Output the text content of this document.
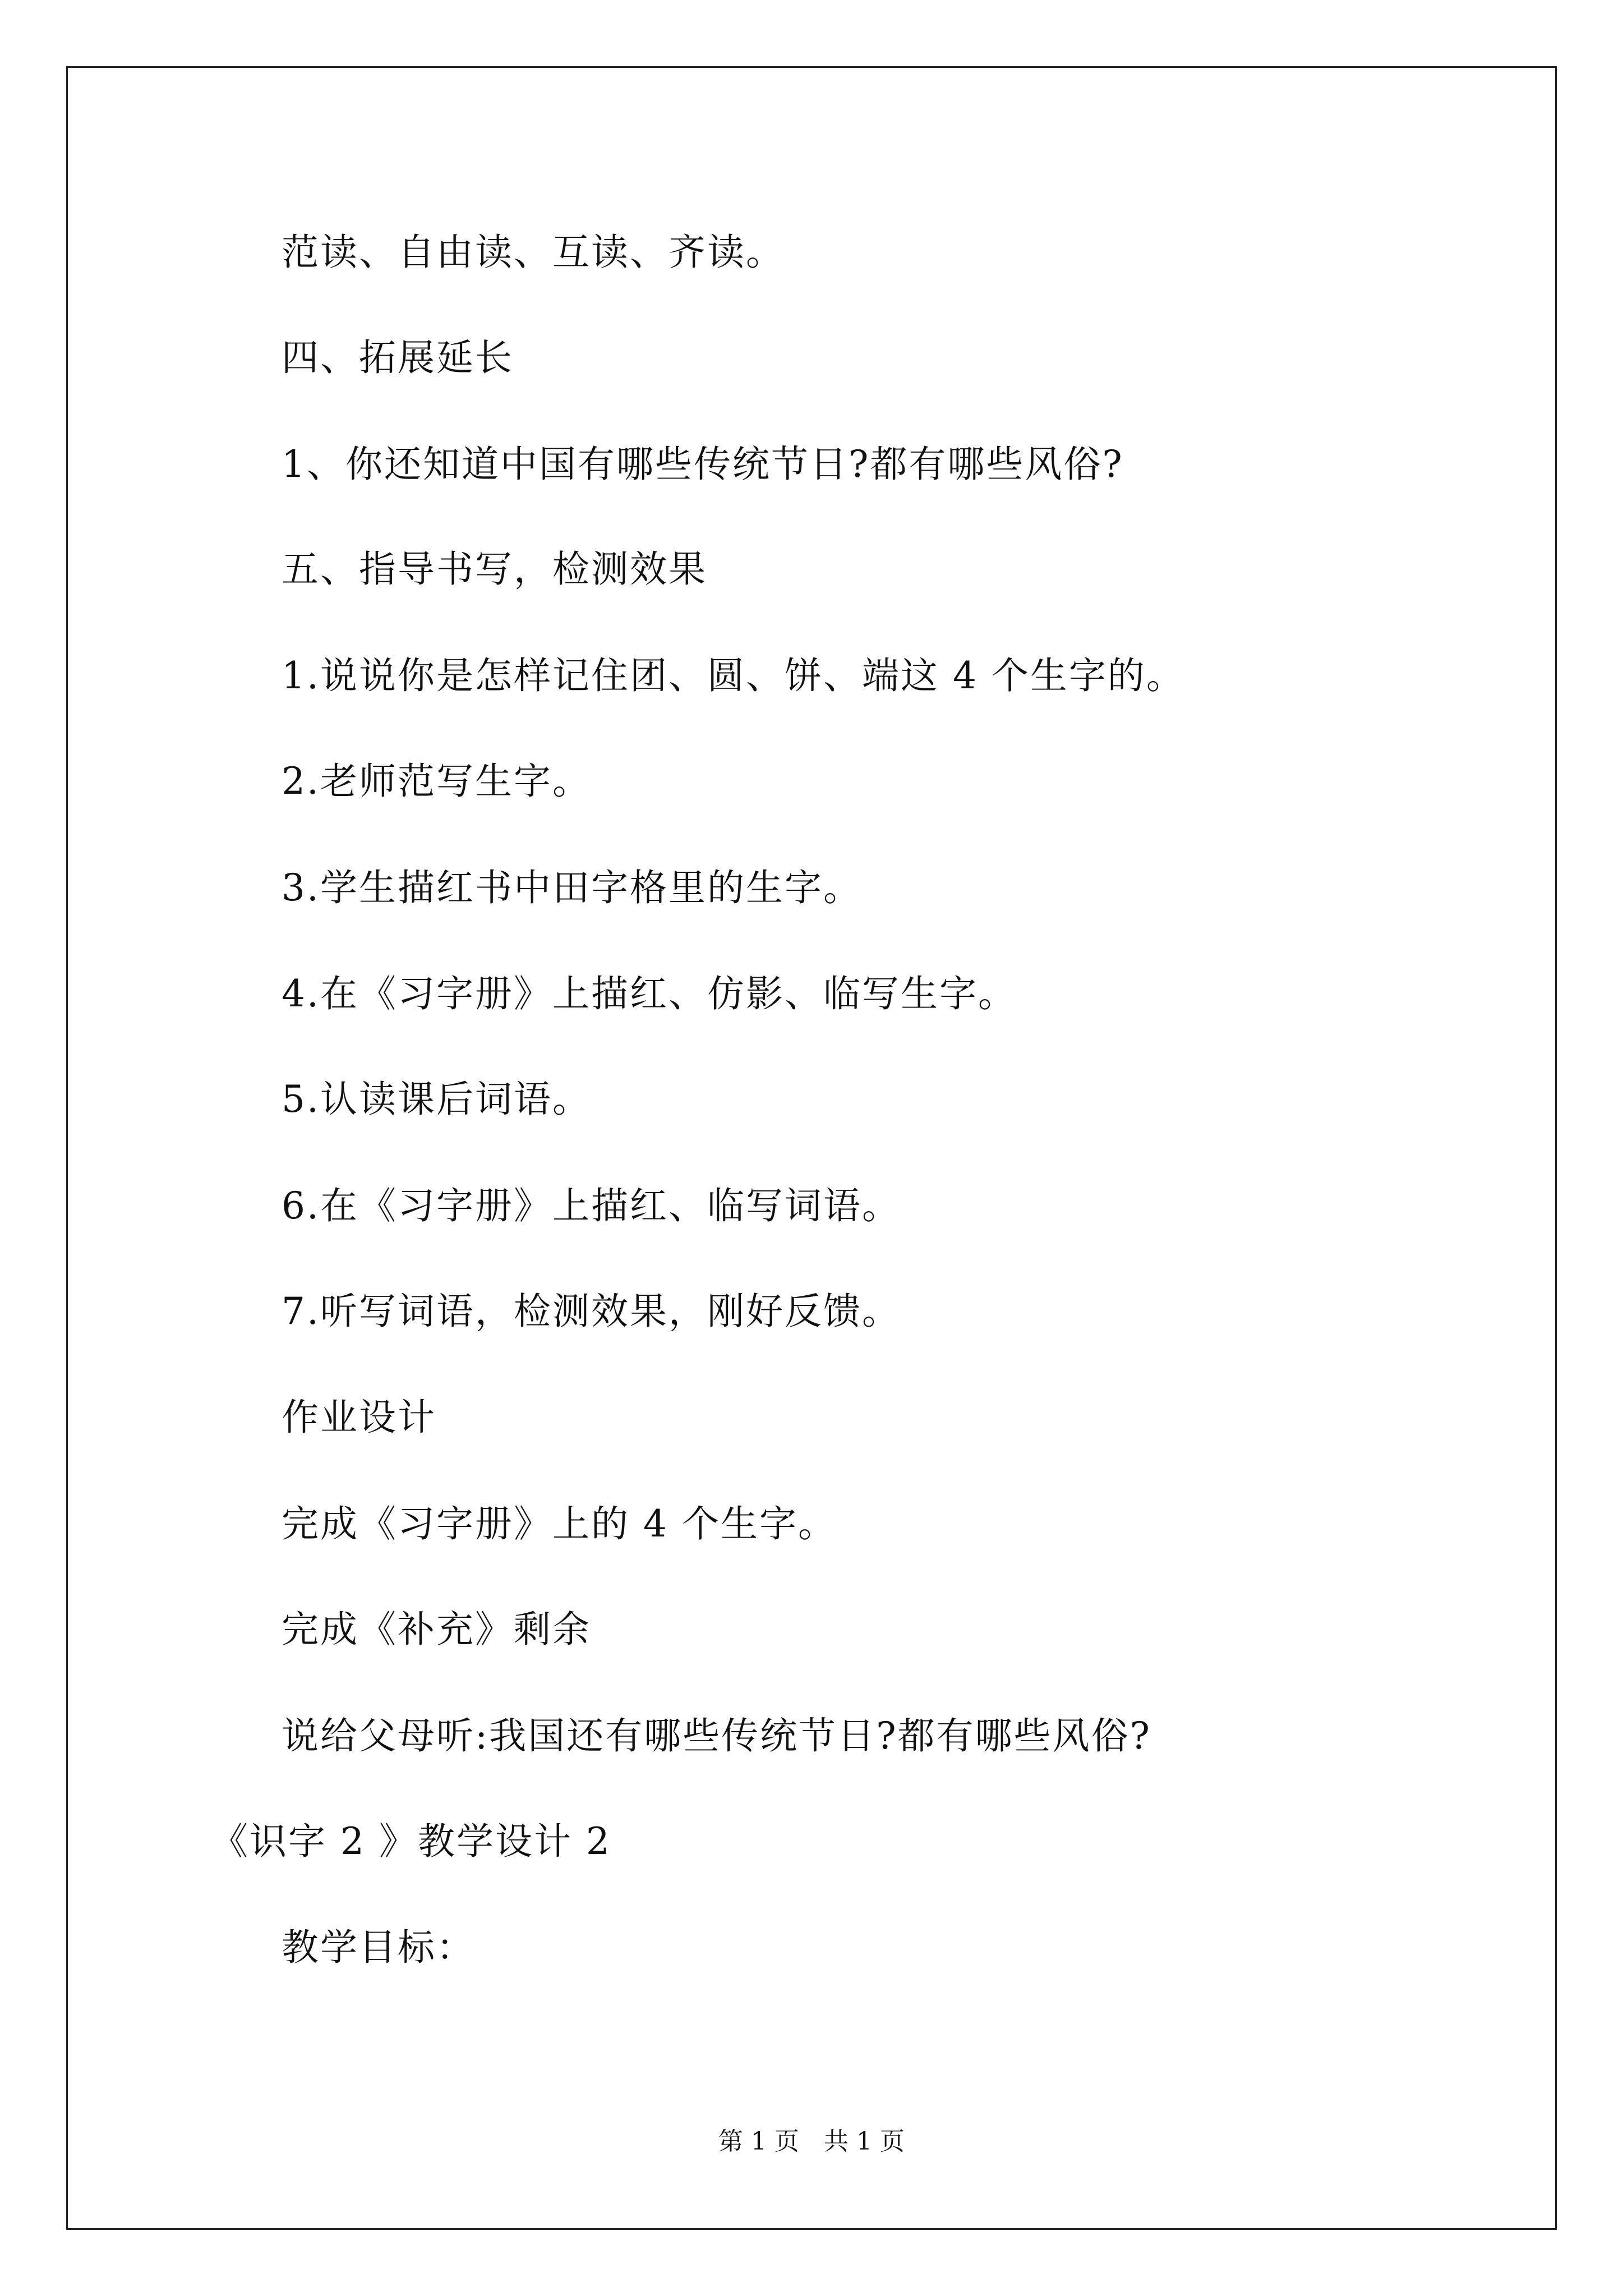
范读、自由读、互读、齐读。
四、拓展延长
1、你还知道中国有哪些传统节日?都有哪些风俗?
五、指导书写，检测效果
1.说说你是怎样记住团、圆、饼、端这 4 个生字的。
2.老师范写生字。
3.学生描红书中田字格里的生字。
4.在《习字册》上描红、仿影、临写生字。
5.认读课后词语。
6.在《习字册》上描红、临写词语。
7.听写词语，检测效果，刚好反馈。
作业设计
完成《习字册》上的 4 个生字。
完成《补充》剩余
说给父母听:我国还有哪些传统节日?都有哪些风俗?
《识字 2 》教学设计 2
教学目标：
第 1 页　共 1 页
